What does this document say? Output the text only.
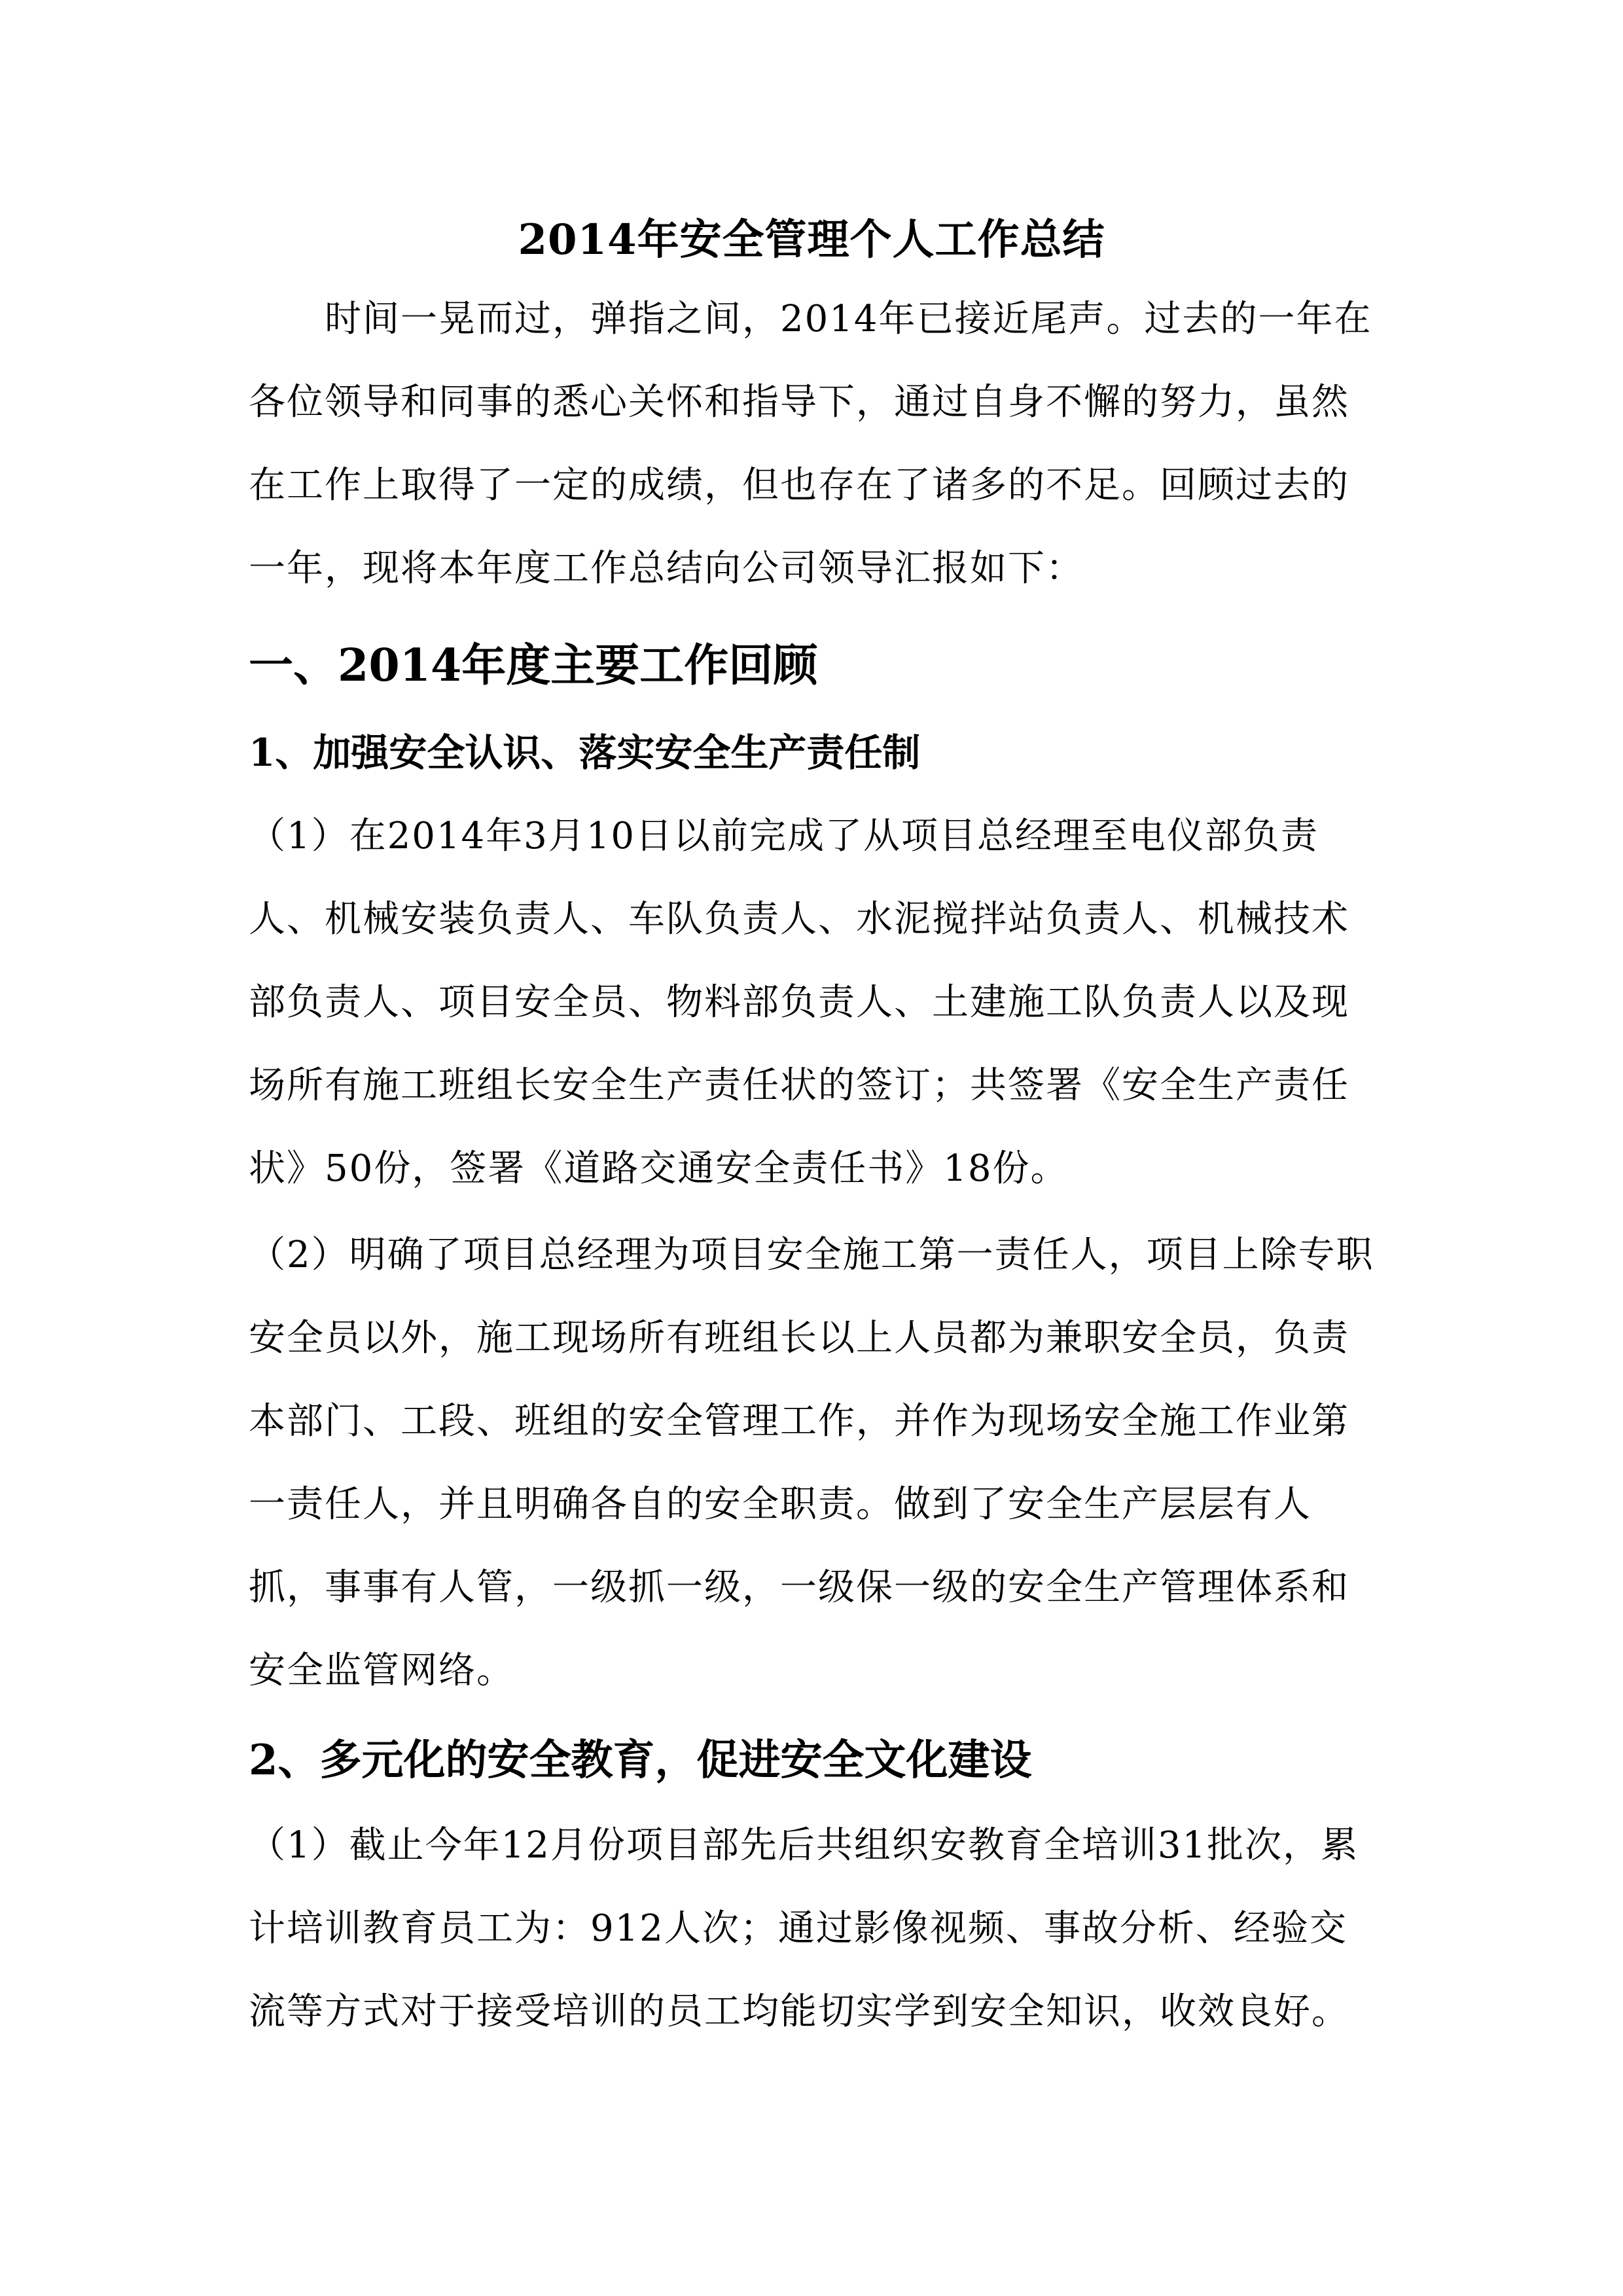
2014年安全管理个人工作总结
　　时间一晃而过，弹指之间，2014年已接近尾声。过去的一年在
各位领导和同事的悉心关怀和指导下，通过自身不懈的努力，虽然
在工作上取得了一定的成绩，但也存在了诸多的不足。回顾过去的
一年，现将本年度工作总结向公司领导汇报如下：
一、2014年度主要工作回顾
1、加强安全认识、落实安全生产责任制
（1）在2014年3月10日以前完成了从项目总经理至电仪部负责
人、机械安装负责人、车队负责人、水泥搅拌站负责人、机械技术
部负责人、项目安全员、物料部负责人、土建施工队负责人以及现
场所有施工班组长安全生产责任状的签订；共签署《安全生产责任
状》50份，签署《道路交通安全责任书》18份。
（2）明确了项目总经理为项目安全施工第一责任人，项目上除专职
安全员以外，施工现场所有班组长以上人员都为兼职安全员，负责
本部门、工段、班组的安全管理工作，并作为现场安全施工作业第
一责任人，并且明确各自的安全职责。做到了安全生产层层有人
抓，事事有人管，一级抓一级，一级保一级的安全生产管理体系和
安全监管网络。
2、多元化的安全教育，促进安全文化建设
（1）截止今年12月份项目部先后共组织安教育全培训31批次，累
计培训教育员工为：912人次；通过影像视频、事故分析、经验交
流等方式对于接受培训的员工均能切实学到安全知识，收效良好。
